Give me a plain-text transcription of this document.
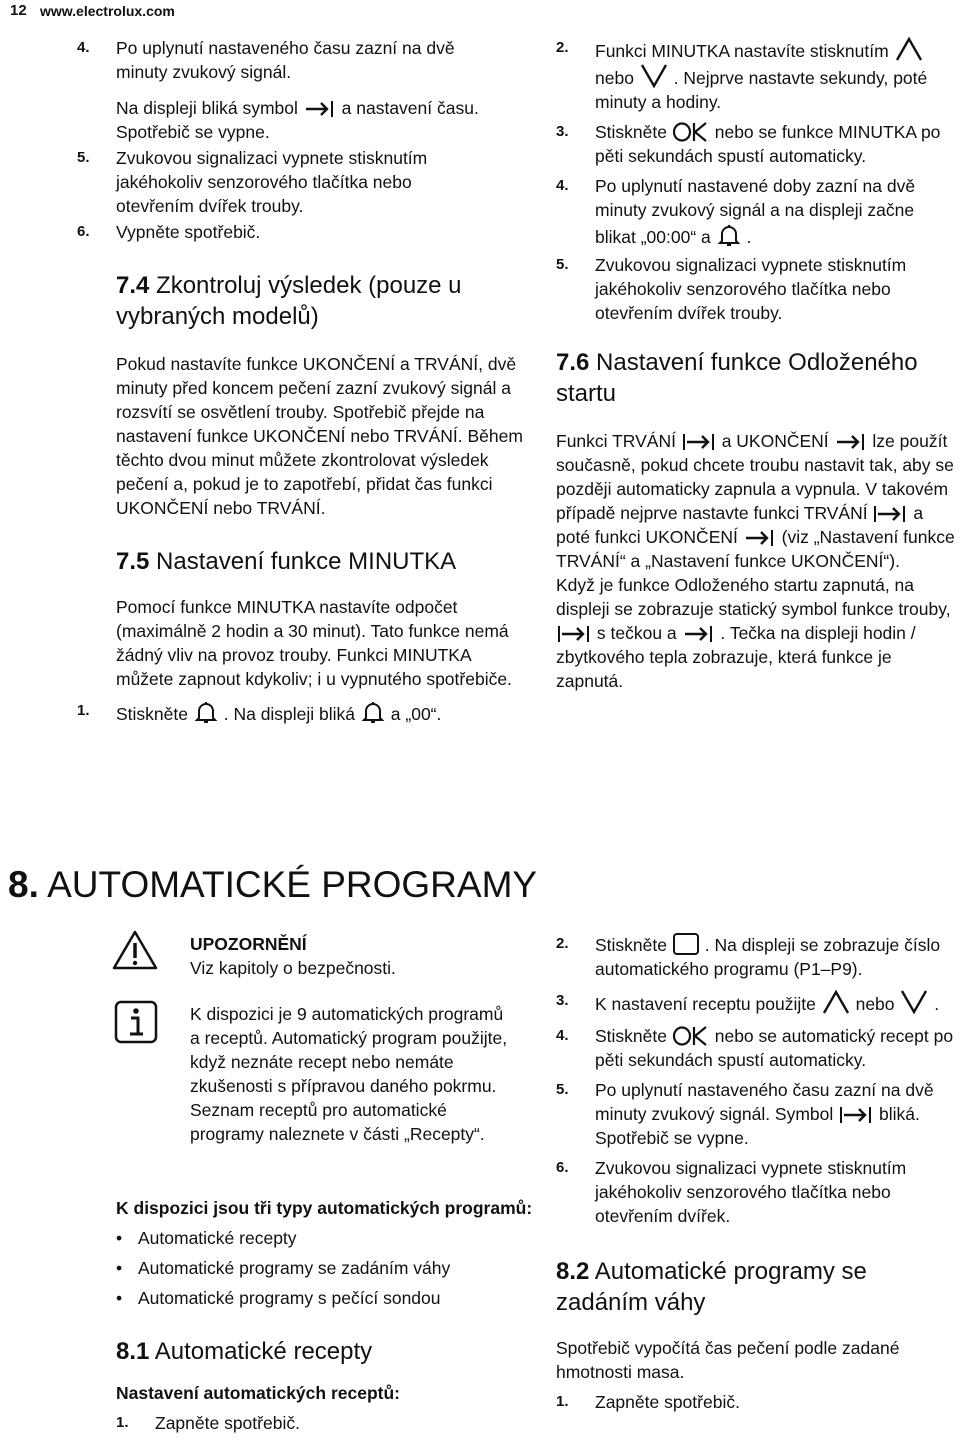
12 www.electrolux.com
4. Po uplynutí nastaveného času zazní na dvě minuty zvukový signál.
Na displeji bliká symbol	a nastavení času. Spotřebič se vypne.
5. Zvukovou signalizaci vypnete stisknutím jakéhokoliv senzorového tlačítka nebo otevřením dvířek trouby.
6. Vypněte spotřebič.
7.4 Zkontroluj výsledek (pouze u vybraných modelů)

Pokud nastavíte funkce UKONČENÍ a TRVÁNÍ, dvě minuty před koncem pečení zazní zvukový signál a rozsvítí se osvětlení trouby. Spotřebič přejde na nastavení funkce UKONČENÍ nebo TRVÁNÍ. Během těchto dvou minut můžete zkontrolovat výsledek pečení a, pokud je to zapotřebí, přidat čas funkci UKONČENÍ nebo TRVÁNÍ.

7.5 Nastavení funkce MINUTKA

Pomocí funkce MINUTKA nastavíte odpočet (maximálně 2 hodin a 30 minut). Tato funkce nemá žádný vliv na provoz trouby. Funkci MINUTKA můžete zapnout kdykoliv; i u vypnutého spotřebiče.

1. Stiskněte . Na displeji bliká a „00“.
2. Funkci MINUTKA nastavíte stisknutím  nebo . Nejprve nastavte sekundy, poté minuty a hodiny.
3. Stiskněte	nebo se funkce MINUTKA po pěti sekundách spustí automaticky.
4. Po uplynutí nastavené doby zazní na dvě minuty zvukový signál a na displeji začne blikat „00:00“ a .
5. Zvukovou signalizaci vypnete stisknutím jakéhokoliv senzorového tlačítka nebo otevřením dvířek trouby.
7.6 Nastavení funkce Odloženého startu

Funkci TRVÁNÍ	a UKONČENÍ	lze použít současně, pokud chcete troubu nastavit tak, aby se později automaticky zapnula a vypnula. V takovém případě nejprve nastavte funkci TRVÁNÍ	a poté funkci UKONČENÍ	(viz „Nastavení funkce TRVÁNÍ“ a „Nastavení funkce UKONČENÍ“).

Když je funkce Odloženého startu zapnutá, na displeji se zobrazuje statický symbol funkce trouby,  s tečkou a	. Tečka na displeji hodin / zbytkového tepla zobrazuje, která funkce je zapnutá.

8. AUTOMATICKÉ PROGRAMY
UPOZORNĚNÍ
Viz kapitoly o bezpečnosti.
K dispozici je 9 automatických programů a receptů. Automatický program použijte, když neznáte recept nebo nemáte zkušenosti s přípravou daného pokrmu. Seznam receptů pro automatické programy naleznete v části „Recepty“.
K dispozici jsou tři typy automatických programů:
• Automatické recepty
• Automatické programy se zadáním váhy
• Automatické programy s pečící sondou
8.1 Automatické recepty
Nastavení automatických receptů:
1. Zapněte spotřebič.
2. Stiskněte . Na displeji se zobrazuje číslo automatického programu (P1–P9).
3. K nastavení receptu použijte nebo .
4. Stiskněte	nebo se automatický recept po pěti sekundách spustí automaticky.
5. Po uplynutí nastaveného času zazní na dvě minuty zvukový signál. Symbol	bliká. Spotřebič se vypne.
6. Zvukovou signalizaci vypnete stisknutím jakéhokoliv senzorového tlačítka nebo otevřením dvířek.
8.2 Automatické programy se zadáním váhy

Spotřebič vypočítá čas pečení podle zadané hmotnosti masa.

1. Zapněte spotřebič.
